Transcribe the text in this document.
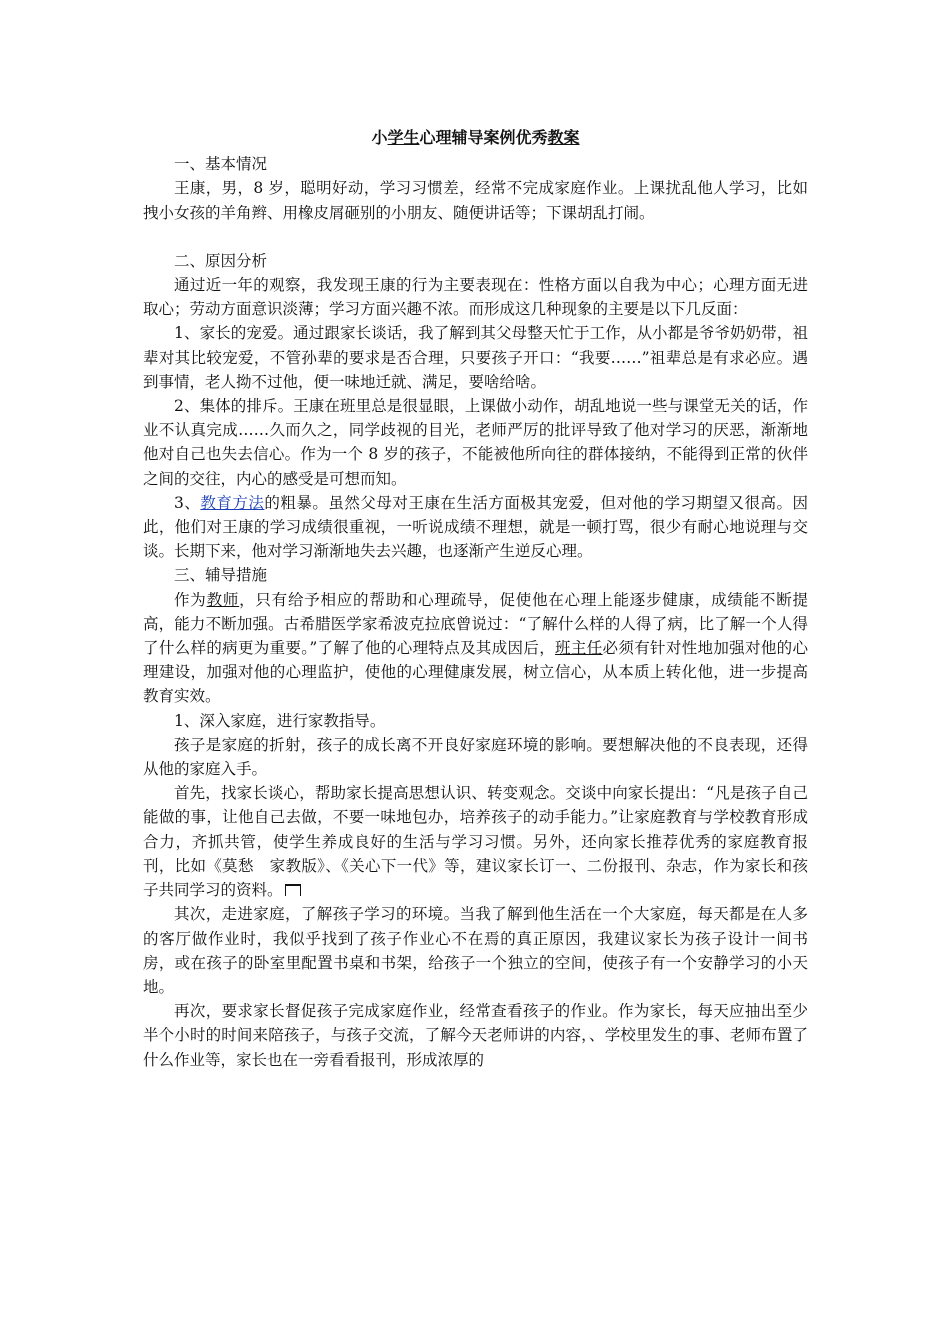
小学生心理辅导案例优秀教案

一、基本情况

王康，男，8 岁，聪明好动，学习习惯差，经常不完成家庭作业。上课扰乱他人学习，比如拽小女孩的羊角辫、用橡皮屑砸别的小朋友、随便讲话等；下课胡乱打闹。

二、原因分析

通过近一年的观察，我发现王康的行为主要表现在：性格方面以自我为中心；心理方面无进取心；劳动方面意识淡薄；学习方面兴趣不浓。而形成这几种现象的主要是以下几反面：

1、家长的宠爱。通过跟家长谈话，我了解到其父母整天忙于工作，从小都是爷爷奶奶带，祖辈对其比较宠爱，不管孙辈的要求是否合理，只要孩子开口：“我要……”祖辈总是有求必应。遇到事情，老人拗不过他，便一味地迁就、满足，要啥给啥。

2、集体的排斥。王康在班里总是很显眼，上课做小动作，胡乱地说一些与课堂无关的话，作业不认真完成……久而久之，同学歧视的目光，老师严厉的批评导致了他对学习的厌恶，渐渐地他对自己也失去信心。作为一个 8 岁的孩子，不能被他所向往的群体接纳，不能得到正常的伙伴之间的交往，内心的感受是可想而知。

3、教育方法的粗暴。虽然父母对王康在生活方面极其宠爱，但对他的学习期望又很高。因此，他们对王康的学习成绩很重视，一听说成绩不理想，就是一顿打骂，很少有耐心地说理与交谈。长期下来，他对学习渐渐地失去兴趣，也逐渐产生逆反心理。

三、辅导措施

作为教师，只有给予相应的帮助和心理疏导，促使他在心理上能逐步健康，成绩能不断提高，能力不断加强。古希腊医学家希波克拉底曾说过：“了解什么样的人得了病，比了解一个人得了什么样的病更为重要。”了解了他的心理特点及其成因后，班主任必须有针对性地加强对他的心理建设，加强对他的心理监护，使他的心理健康发展，树立信心，从本质上转化他，进一步提高教育实效。

1、深入家庭，进行家教指导。

孩子是家庭的折射，孩子的成长离不开良好家庭环境的影响。要想解决他的不良表现，还得从他的家庭入手。

首先，找家长谈心，帮助家长提高思想认识、转变观念。交谈中向家长提出：“凡是孩子自己能做的事，让他自己去做，不要一味地包办，培养孩子的动手能力。”让家庭教育与学校教育形成合力，齐抓共管，使学生养成良好的生活与学习习惯。另外，还向家长推荐优秀的家庭教育报刊，比如《莫愁　家教版》、《关心下一代》等，建议家长订一、二份报刊、杂志，作为家长和孩子共同学习的资料。

其次，走进家庭，了解孩子学习的环境。当我了解到他生活在一个大家庭，每天都是在人多的客厅做作业时，我似乎找到了孩子作业心不在焉的真正原因，我建议家长为孩子设计一间书房，或在孩子的卧室里配置书桌和书架，给孩子一个独立的空间，使孩子有一个安静学习的小天地。

再次，要求家长督促孩子完成家庭作业，经常查看孩子的作业。作为家长，每天应抽出至少半个小时的时间来陪孩子，与孩子交流，了解今天老师讲的内容，、学校里发生的事、老师布置了什么作业等，家长也在一旁看看报刊，形成浓厚的
